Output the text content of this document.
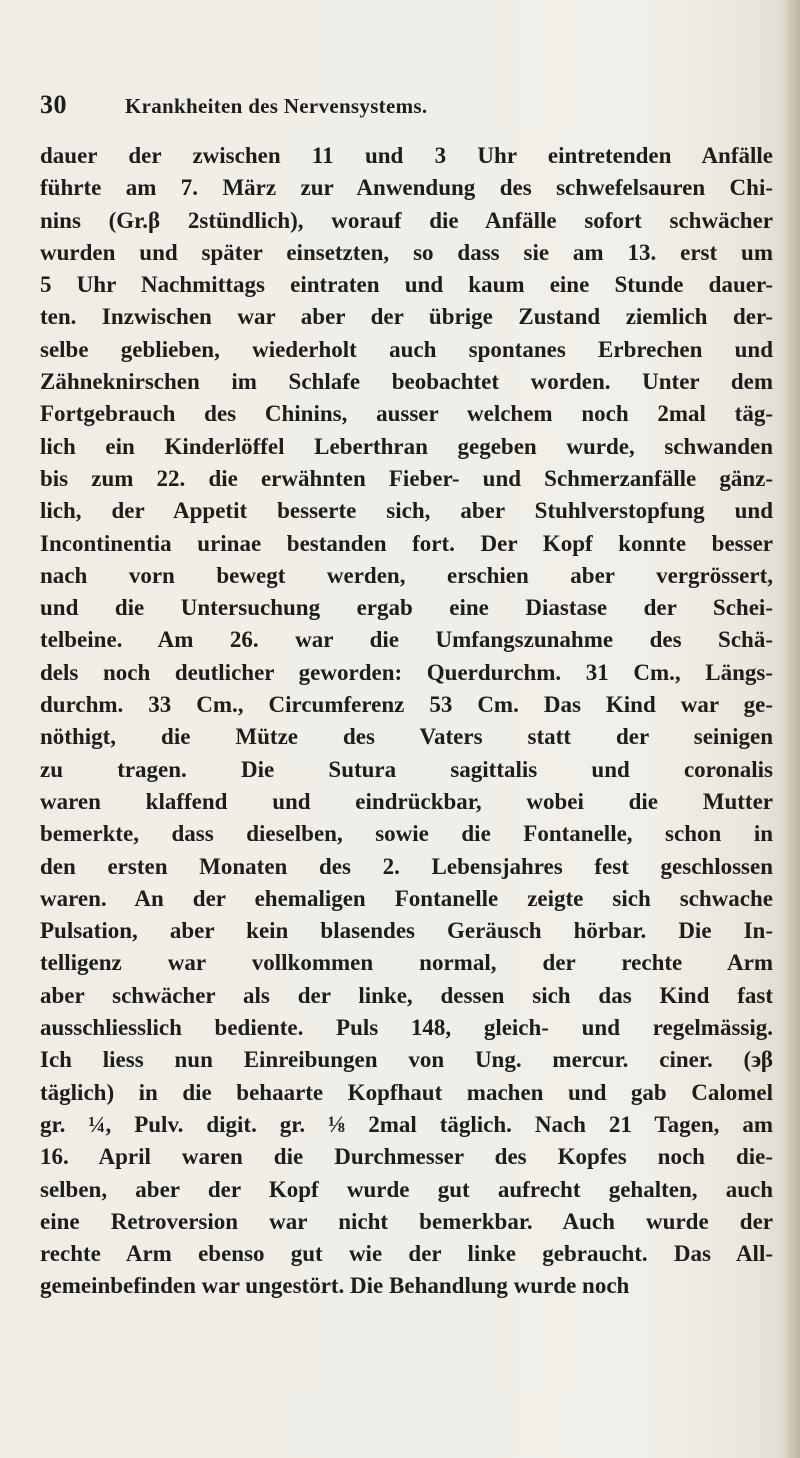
30	Krankheiten des Nervensystems.
dauer der zwischen 11 und 3 Uhr eintretenden Anfälle
führte am 7. März zur Anwendung des schwefelsauren Chi-
nins (Gr.β 2stündlich), worauf die Anfälle sofort schwächer
wurden und später einsetzten, so dass sie am 13. erst um
5 Uhr Nachmittags eintraten und kaum eine Stunde dauer-
ten. Inzwischen war aber der übrige Zustand ziemlich der-
selbe geblieben, wiederholt auch spontanes Erbrechen und
Zähneknirschen im Schlafe beobachtet worden. Unter dem
Fortgebrauch des Chinins, ausser welchem noch 2mal täg-
lich ein Kinderlöffel Leberthran gegeben wurde, schwanden
bis zum 22. die erwähnten Fieber- und Schmerzanfälle gänz-
lich, der Appetit besserte sich, aber Stuhlverstopfung und
Incontinentia urinae bestanden fort. Der Kopf konnte besser
nach vorn bewegt werden, erschien aber vergrössert,
und die Untersuchung ergab eine Diastase der Schei-
telbeine. Am 26. war die Umfangszunahme des Schä-
dels noch deutlicher geworden: Querdurchm. 31 Cm., Längs-
durchm. 33 Cm., Circumferenz 53 Cm. Das Kind war ge-
nöthigt, die Mütze des Vaters statt der seinigen
zu tragen. Die Sutura sagittalis und coronalis
waren klaffend und eindrückbar, wobei die Mutter
bemerkte, dass dieselben, sowie die Fontanelle, schon in
den ersten Monaten des 2. Lebensjahres fest geschlossen
waren. An der ehemaligen Fontanelle zeigte sich schwache
Pulsation, aber kein blasendes Geräusch hörbar. Die In-
telligenz war vollkommen normal, der rechte Arm
aber schwächer als der linke, dessen sich das Kind fast
ausschliesslich bediente. Puls 148, gleich- und regelmässig.
Ich liess nun Einreibungen von Ung. mercur. ciner. (϶β
täglich) in die behaarte Kopfhaut machen und gab Calomel
gr. ¼, Pulv. digit. gr. ⅛ 2mal täglich. Nach 21 Tagen, am
16. April waren die Durchmesser des Kopfes noch die-
selben, aber der Kopf wurde gut aufrecht gehalten, auch
eine Retroversion war nicht bemerkbar. Auch wurde der
rechte Arm ebenso gut wie der linke gebraucht. Das All-
gemeinbefinden war ungestört. Die Behandlung wurde noch
